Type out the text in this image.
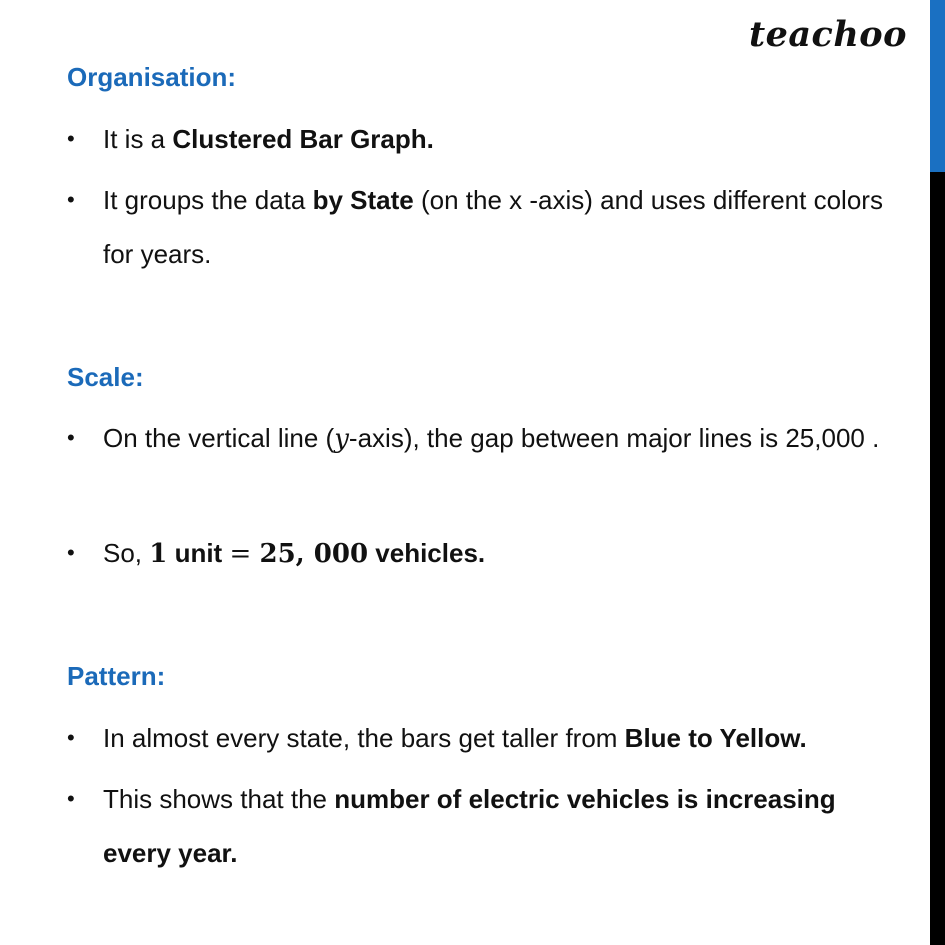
teachoo
Organisation:
• It is a Clustered Bar Graph.
• It groups the data by State (on the x -axis) and uses different colors for years.
Scale:
• On the vertical line (y-axis), the gap between major lines is 25,000 .
• So, 1 unit = 25, 000 vehicles.
Pattern:
• In almost every state, the bars get taller from Blue to Yellow.
• This shows that the number of electric vehicles is increasing every year.
